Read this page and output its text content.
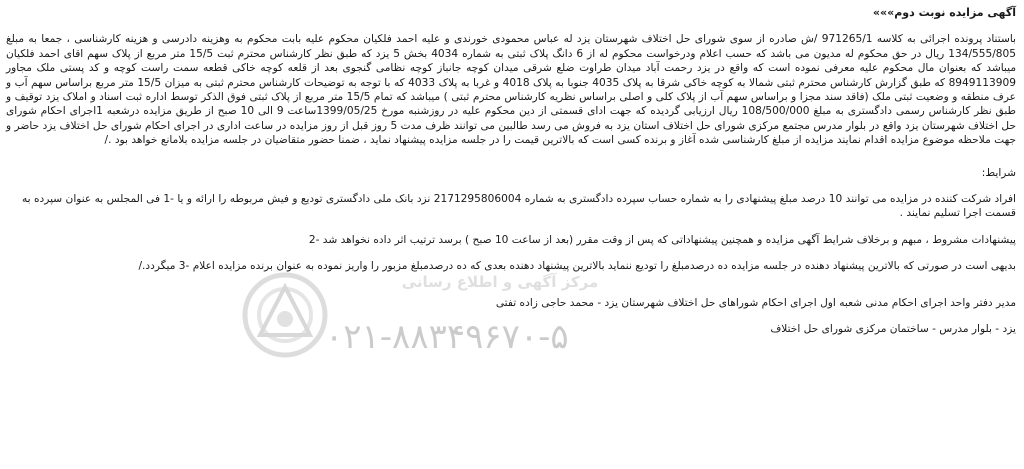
آگهی مزایده نوبت دوم»»»
باستناد پرونده اجرائی به کلاسه 971265/1 /ش صادره از سوی شورای حل اختلاف شهرستان یزد له عباس محمودی خورندی و علیه احمد فلکیان محکوم علیه بابت محکوم به وهزینه دادرسی و هزینه کارشناسی ، جمعا به مبلغ 134/555/805 ریال در حق محکوم له مدیون می باشد که حسب اعلام ودرخواست محکوم له از 6 دانگ پلاک ثبتی به شماره 4034 بخش 5 یزد که طبق نظر کارشناس محترم ثبت 15/5 متر مربع از پلاک سهم اقای احمد فلکیان میباشد که بعنوان مال محکوم علیه معرفی نموده است که واقع در یزد رحمت آباد میدان طراوت ضلع شرقی میدان کوچه جانباز کوچه نظامی گنجوی بعد از قلعه کوچه خاکی قطعه سمت راست کوچه و کد پستی ملک مجاور 8949113909 که طبق گزارش کارشناس محترم ثبتی شمالا به کوچه خاکی شرقا به پلاک 4035 جنوبا به پلاک 4018 و غربا به پلاک 4033 که با توجه به توضیحات کارشناس محترم ثبتی به میزان 15/5 متر مربع براساس سهم آب و عرف منطقه و وضعیت ثبتی ملک (فاقد سند مجزا و براساس سهم آب از پلاک کلی و اصلی براساس نظریه کارشناس محترم ثبتی ) میباشد که تمام 15/5 متر مربع از پلاک ثبتی فوق الذکر توسط اداره ثبت اسناد و املاک یزد توقیف و طبق نظر کارشناس رسمی دادگستری به مبلغ 108/500/000 ریال ارزیابی گردیده که جهت ادای قسمتی از دین محکوم علیه در روزشنبه مورخ 1399/05/25ساعت 9 الی 10 صبح از طریق مزایده درشعبه 1اجرای احکام شورای حل اختلاف شهرستان یزد واقع در بلوار مدرس مجتمع مرکزی شورای حل اختلاف استان یزد به فروش می رسد طالبین می توانند ظرف مدت 5 روز قبل از روز مزایده در ساعت اداری در اجرای احکام شورای حل اختلاف یزد حاضر و جهت ملاحظه موضوع مزایده اقدام نمایند مزایده از مبلغ کارشناسی شده آغاز و برنده کسی است که بالاترین قیمت را در جلسه مزایده پیشنهاد نماید ، ضمنا حضور متقاضیان در جلسه مزایده بلامانع خواهد بود ./
شرایط:
افراد شرکت کننده در مزایده می توانند 10 درصد مبلغ پیشنهادی را به شماره حساب سپرده دادگستری به شماره 2171295806004 نزد بانک ملی دادگستری تودیع و فیش مربوطه را ارائه و یا -1 فی المجلس به عنوان سپرده به قسمت اجرا تسلیم نمایند .
پیشنهادات مشروط ، مبهم و برخلاف شرایط آگهی مزایده و همچنین پیشنهاداتی که پس از وقت مقرر (بعد از ساعت 10 صبح ) برسد ترتیب اثر داده نخواهد شد -2
بدیهی است در صورتی که بالاترین پیشنهاد دهنده در جلسه مزایده ده درصدمبلغ را تودیع ننماید بالاترین پیشنهاد دهنده بعدی که ده درصدمبلغ مزبور را واریز نموده به عنوان برنده مزایده اعلام -3 میگردد./
مدیر دفتر واحد اجرای احکام مدنی شعبه اول اجرای احکام شوراهای حل اختلاف شهرستان یزد - محمد حاجی زاده تفتی
یزد - بلوار مدرس - ساختمان مرکزی شورای حل اختلاف
مرکز آگهی و اطلاع رسانی
۰۲۱-۸۸۳۴۹۶۷۰-۵
